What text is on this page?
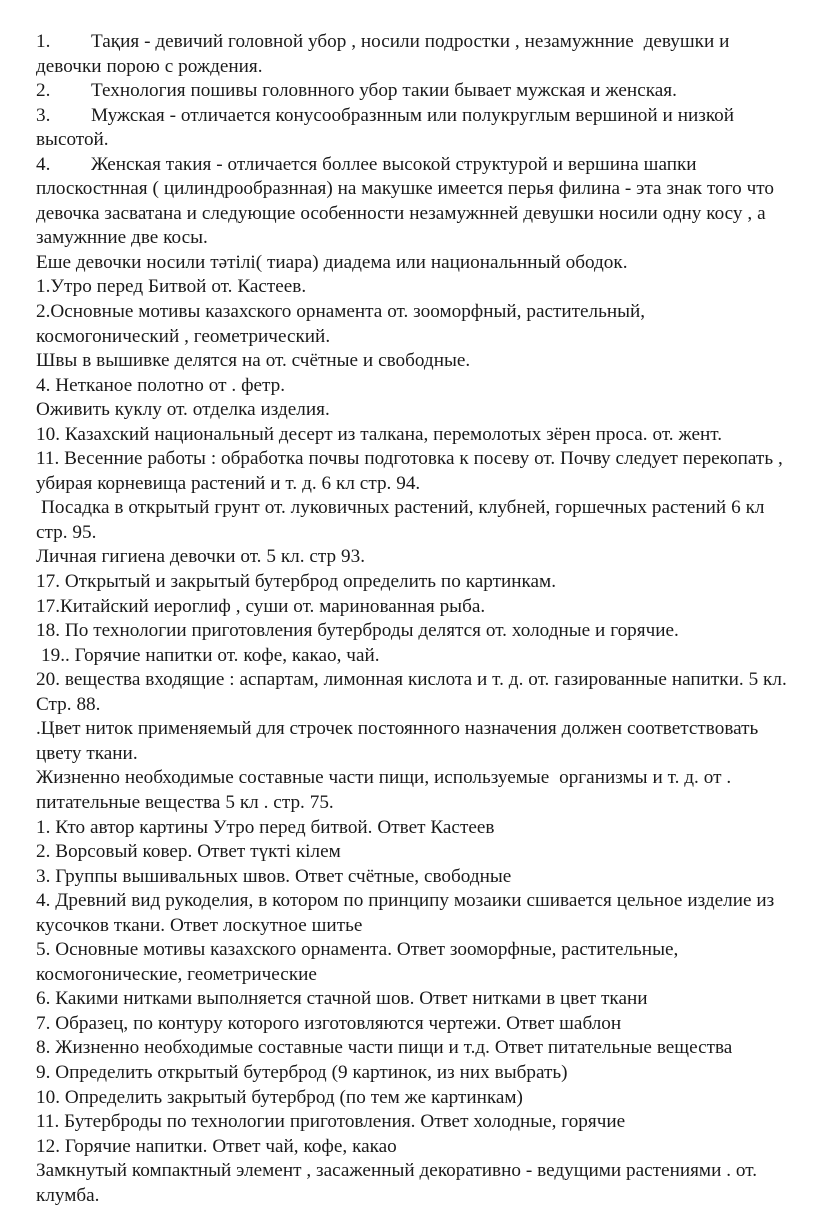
1. Тақия - девичий головной убор , носили подростки , незамужнние  девушки и девочки порою с рождения.

2. Технология пошивы головнного убор такии бывает мужская и женская.

3. Мужская - отличается конусообразнным или полукруглым вершиной и низкой высотой.

4. Женская такия - отличается боллее высокой структурой и вершина шапки плоскостнная ( цилиндрообразнная) на макушке имеется перья филина - эта знак того что девочка засватана и следующие особенности незамужнней девушки носили одну косу , а замужнние две косы.

Еше девочки носили тәтілі( тиара) диадема или национальнный ободок.

1.Утро перед Битвой от. Кастеев.

2.Основные мотивы казахского орнамента от. зооморфный, растительный, космогонический , геометрический.

Швы в вышивке делятся на от. счётные и свободные.

4. Нетканое полотно от . фетр.

Оживить куклу от. отделка изделия.

10. Казахский национальный десерт из талкана, перемолотых зёрен проса. от. жент.

11. Весенние работы : обработка почвы подготовка к посеву от. Почву следует перекопать , убирая корневища растений и т. д. 6 кл стр. 94.

Посадка в открытый грунт от. луковичных растений, клубней, горшечных растений 6 кл стр. 95.

Личная гигиена девочки от. 5 кл. стр 93.

17. Открытый и закрытый бутерброд определить по картинкам.

17.Китайский иероглиф , суши от. маринованная рыба.

18. По технологии приготовления бутерброды делятся от. холодные и горячие.

19.. Горячие напитки от. кофе, какао, чай.

20. вещества входящие : аспартам, лимонная кислота и т. д. от. газированные напитки. 5 кл. Стр. 88.

.Цвет ниток применяемый для строчек постоянного назначения должен соответствовать цвету ткани.

Жизненно необходимые составные части пищи, используемые  организмы и т. д. от . питательные вещества 5 кл . стр. 75.

1. Кто автор картины Утро перед битвой. Ответ Кастеев

2. Ворсовый ковер. Ответ түкті кілем

3. Группы вышивальных швов. Ответ счётные, свободные

4. Древний вид рукоделия, в котором по принципу мозаики сшивается цельное изделие из кусочков ткани. Ответ лоскутное шитье

5. Основные мотивы казахского орнамента. Ответ зооморфные, растительные, космогонические, геометрические

6. Какими нитками выполняется стачной шов. Ответ нитками в цвет ткани

7. Образец, по контуру которого изготовляются чертежи. Ответ шаблон

8. Жизненно необходимые составные части пищи и т.д. Ответ питательные вещества

9. Определить открытый бутерброд (9 картинок, из них выбрать)

10. Определить закрытый бутерброд (по тем же картинкам)

11. Бутерброды по технологии приготовления. Ответ холодные, горячие

12. Горячие напитки. Ответ чай, кофе, какао

Замкнутый компактный элемент , засаженный декоративно - ведущими растениями . от. клумба.
